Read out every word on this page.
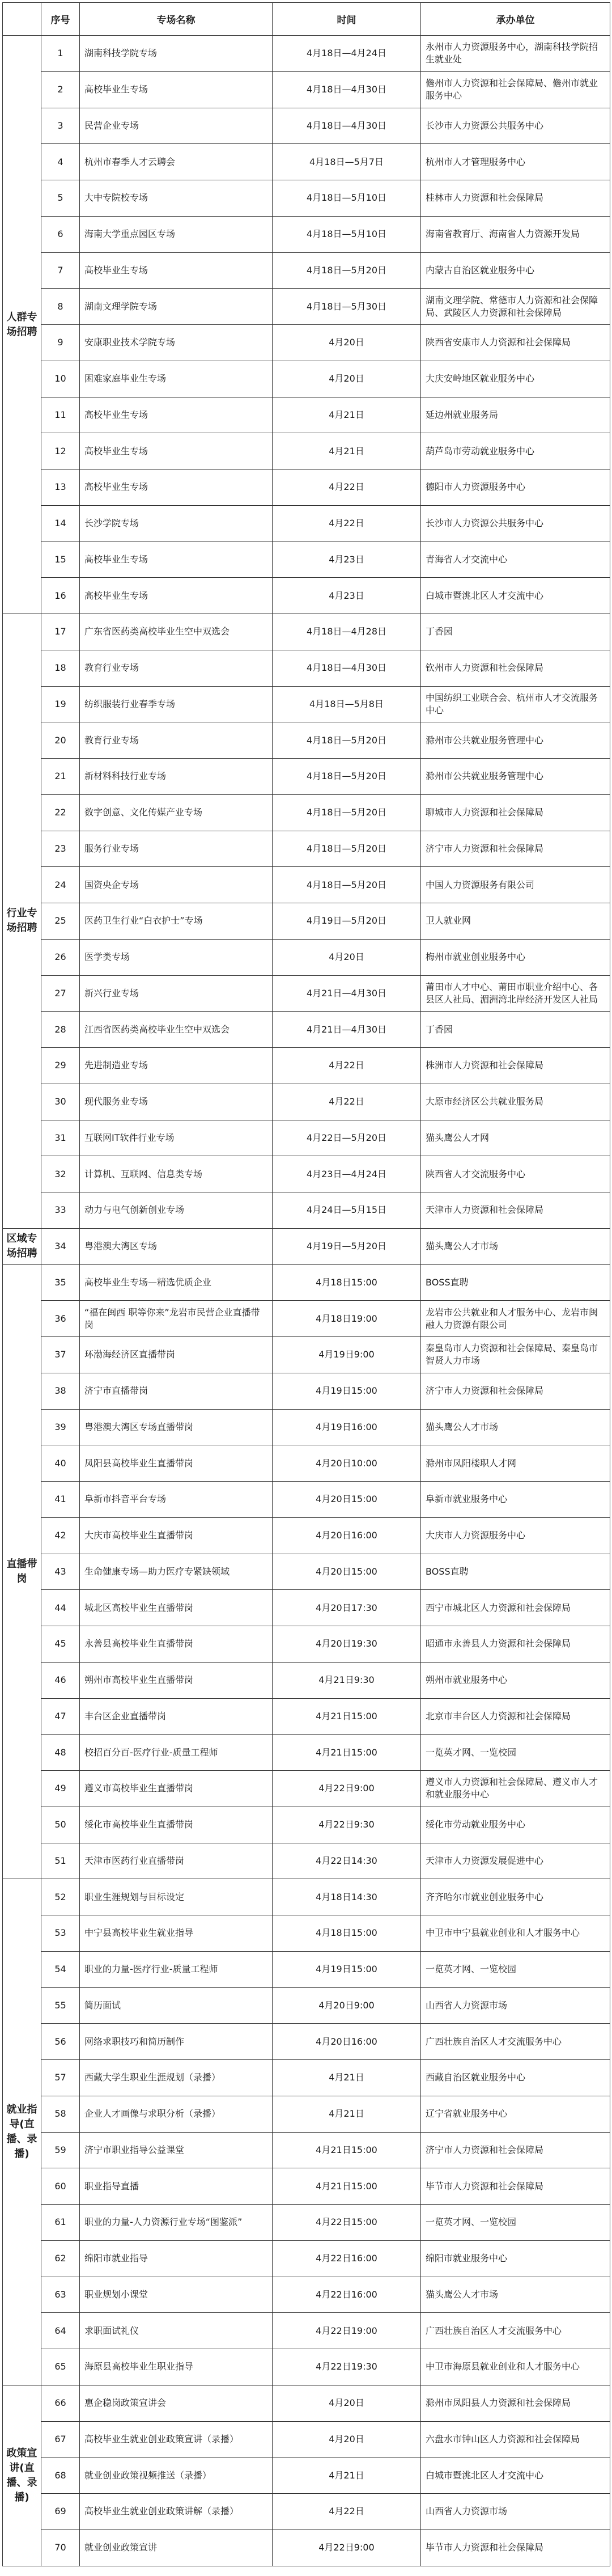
	序号	专场名称	时间	承办单位
人群专场招聘	1	湖南科技学院专场	4月18日—4月24日	永州市人力资源服务中心，湖南科技学院招生就业处
	2	高校毕业生专场	4月18日—4月30日	儋州市人力资源和社会保障局、儋州市就业服务中心
	3	民营企业专场	4月18日—4月30日	长沙市人力资源公共服务中心
	4	杭州市春季人才云聘会	4月18日—5月7日	杭州市人才管理服务中心
	5	大中专院校专场	4月18日—5月10日	桂林市人力资源和社会保障局
	6	海南大学重点园区专场	4月18日—5月10日	海南省教育厅、海南省人力资源开发局
	7	高校毕业生专场	4月18日—5月20日	内蒙古自治区就业服务中心
	8	湖南文理学院专场	4月18日—5月30日	湖南文理学院、常德市人力资源和社会保障局、武陵区人力资源和社会保障局
	9	安康职业技术学院专场	4月20日	陕西省安康市人力资源和社会保障局
	10	困难家庭毕业生专场	4月20日	大庆安岭地区就业服务中心
	11	高校毕业生专场	4月21日	延边州就业服务局
	12	高校毕业生专场	4月21日	葫芦岛市劳动就业服务中心
	13	高校毕业生专场	4月22日	德阳市人力资源服务中心
	14	长沙学院专场	4月22日	长沙市人力资源公共服务中心
	15	高校毕业生专场	4月23日	青海省人才交流中心
	16	高校毕业生专场	4月23日	白城市暨洮北区人才交流中心
行业专场招聘	17	广东省医药类高校毕业生空中双选会	4月18日—4月28日	丁香园
	18	教育行业专场	4月18日—4月30日	钦州市人力资源和社会保障局
	19	纺织服装行业春季专场	4月18日—5月8日	中国纺织工业联合会、杭州市人才交流服务中心
	20	教育行业专场	4月18日—5月20日	滁州市公共就业服务管理中心
	21	新材料科技行业专场	4月18日—5月20日	滁州市公共就业服务管理中心
	22	数字创意、文化传媒产业专场	4月18日—5月20日	聊城市人力资源和社会保障局
	23	服务行业专场	4月18日—5月20日	济宁市人力资源和社会保障局
	24	国资央企专场	4月18日—5月20日	中国人力资源服务有限公司
	25	医药卫生行业“白衣护士”专场	4月19日—5月20日	卫人就业网
	26	医学类专场	4月20日	梅州市就业创业服务中心
	27	新兴行业专场	4月21日—4月30日	莆田市人才中心、莆田市职业介绍中心、各县区人社局、湄洲湾北岸经济开发区人社局
	28	江西省医药类高校毕业生空中双选会	4月21日—4月30日	丁香园
	29	先进制造业专场	4月22日	株洲市人力资源和社会保障局
	30	现代服务业专场	4月22日	大原市经济区公共就业服务局
	31	互联网IT软件行业专场	4月22日—5月20日	猫头鹰公人才网
	32	计算机、互联网、信息类专场	4月23日—4月24日	陕西省人才交流服务中心
	33	动力与电气创新创业专场	4月24日—5月15日	天津市人力资源和社会保障局
区域专场招聘	34	粤港澳大湾区专场	4月19日—5月20日	猫头鹰公人才市场
直播带岗	35	高校毕业生专场—精选优质企业	4月18日15:00	BOSS直聘
	36	“福在闽西 职等你来”龙岩市民营企业直播带岗	4月18日19:00	龙岩市公共就业和人才服务中心、龙岩市闽融人力资源有限公司
	37	环渤海经济区直播带岗	4月19日9:00	秦皇岛市人力资源和社会保障局、秦皇岛市智贤人力市场
	38	济宁市直播带岗	4月19日15:00	济宁市人力资源和社会保障局
	39	粤港澳大湾区专场直播带岗	4月19日16:00	猫头鹰公人才市场
	40	凤阳县高校毕业生直播带岗	4月20日10:00	滁州市凤阳楼职人才网
	41	阜新市抖音平台专场	4月20日15:00	阜新市就业服务中心
	42	大庆市高校毕业生直播带岗	4月20日16:00	大庆市人力资源服务中心
	43	生命健康专场—助力医疗专紧缺领域	4月20日15:00	BOSS直聘
	44	城北区高校毕业生直播带岗	4月20日17:30	西宁市城北区人力资源和社会保障局
	45	永善县高校毕业生直播带岗	4月20日19:30	昭通市永善县人力资源和社会保障局
	46	朔州市高校毕业生直播带岗	4月21日9:30	朔州市就业服务中心
	47	丰台区企业直播带岗	4月21日15:00	北京市丰台区人力资源和社会保障局
	48	校招百分百-医疗行业-质量工程师	4月21日15:00	一览英才网、一览校园
	49	遵义市高校毕业生直播带岗	4月22日9:00	遵义市人力资源和社会保障局、遵义市人才和就业服务中心
	50	绥化市高校毕业生直播带岗	4月22日9:30	绥化市劳动就业服务中心
	51	天津市医药行业直播带岗	4月22日14:30	天津市人力资源发展促进中心
就业指导(直播、录播)	52	职业生涯规划与目标设定	4月18日14:30	齐齐哈尔市就业创业服务中心
	53	中宁县高校毕业生就业指导	4月18日15:00	中卫市中宁县就业创业和人才服务中心
	54	职业的力量-医疗行业-质量工程师	4月19日15:00	一览英才网、一览校园
	55	简历面试	4月20日9:00	山西省人力资源市场
	56	网络求职技巧和简历制作	4月20日16:00	广西壮族自治区人才交流服务中心
	57	西藏大学生职业生涯规划（录播）	4月21日	西藏自治区就业服务中心
	58	企业人才画像与求职分析（录播）	4月21日	辽宁省就业服务中心
	59	济宁市职业指导公益课堂	4月21日15:00	济宁市人力资源和社会保障局
	60	职业指导直播	4月21日15:00	毕节市人力资源和社会保障局
	61	职业的力量-人力资源行业专场“图鉴派”	4月22日15:00	一览英才网、一览校园
	62	绵阳市就业指导	4月22日16:00	绵阳市就业服务中心
	63	职业规划小课堂	4月22日16:00	猫头鹰公人才市场
	64	求职面试礼仪	4月22日19:00	广西壮族自治区人才交流服务中心
	65	海原县高校毕业生职业指导	4月22日19:30	中卫市海原县就业创业和人才服务中心
政策宣讲(直播、录播)	66	惠企稳岗政策宣讲会	4月20日	滁州市凤阳县人力资源和社会保障局
	67	高校毕业生就业创业政策宣讲（录播）	4月20日	六盘水市钟山区人力资源和社会保障局
	68	就业创业政策视频推送（录播）	4月21日	白城市暨洮北区人才交流中心
	69	高校毕业生就业创业政策讲解（录播）	4月22日	山西省人力资源市场
	70	就业创业政策宣讲	4月22日9:00	毕节市人力资源和社会保障局
